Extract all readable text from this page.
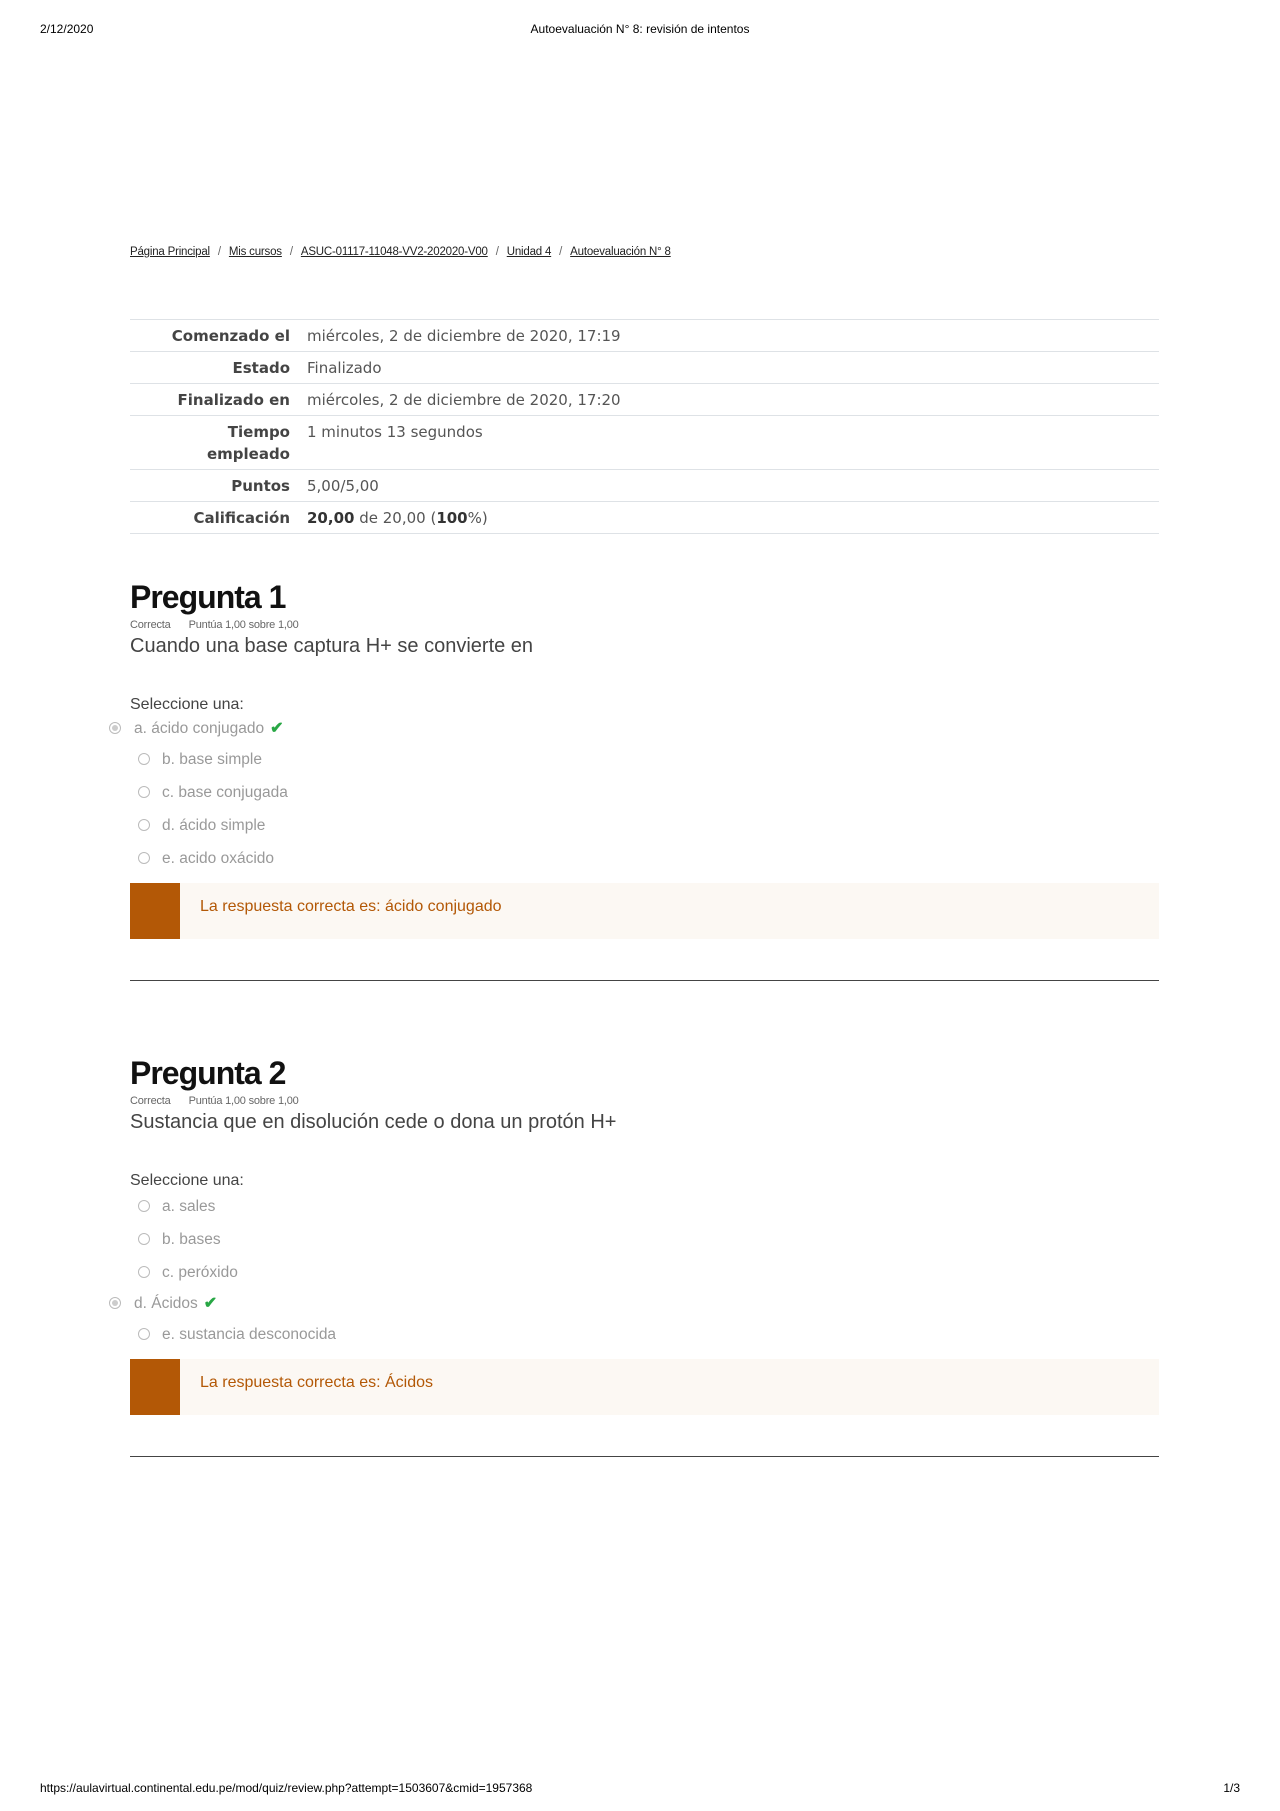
2/12/2020	Autoevaluación N° 8: revisión de intentos
Página Principal / Mis cursos / ASUC-01117-11048-VV2-202020-V00 / Unidad 4 / Autoevaluación N° 8
Comenzado el	miércoles, 2 de diciembre de 2020, 17:19
Estado	Finalizado
Finalizado en	miércoles, 2 de diciembre de 2020, 17:20
Tiempo
empleado	1 minutos 13 segundos
Puntos	5,00/5,00
Calificación	20,00 de 20,00 (100%)
Pregunta 1
Correcta Puntúa 1,00 sobre 1,00
Cuando una base captura H+ se convierte en
Seleccione una:
a. ácido conjugado ✔
b. base simple
c. base conjugada
d. ácido simple
e. acido oxácido
La respuesta correcta es: ácido conjugado
Pregunta 2
Correcta Puntúa 1,00 sobre 1,00
Sustancia que en disolución cede o dona un protón H+
Seleccione una:
a. sales
b. bases
c. peróxido
d. Ácidos ✔
e. sustancia desconocida
La respuesta correcta es: Ácidos
https://aulavirtual.continental.edu.pe/mod/quiz/review.php?attempt=1503607&cmid=1957368	1/3
